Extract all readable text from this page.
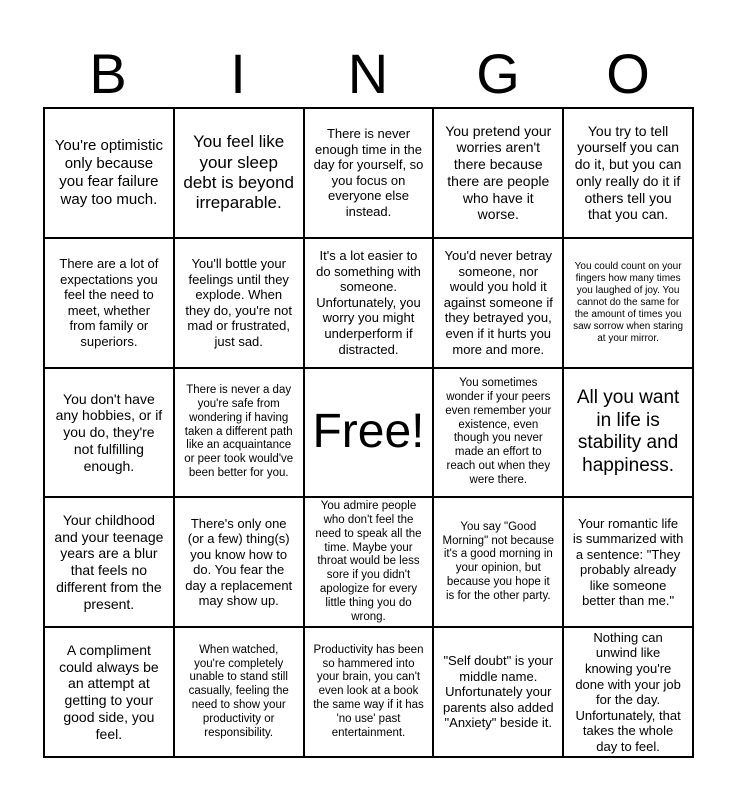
B	I	N	G	O
You're optimistic only because you fear failure way too much.
You feel like your sleep debt is beyond irreparable.
There is never enough time in the day for yourself, so you focus on everyone else instead.
You pretend your worries aren't there because there are people who have it worse.
You try to tell yourself you can do it, but you can only really do it if others tell you that you can.
There are a lot of expectations you feel the need to meet, whether from family or superiors.
You'll bottle your feelings until they explode. When they do, you're not mad or frustrated, just sad.
It's a lot easier to do something with someone. Unfortunately, you worry you might underperform if distracted.
You'd never betray someone, nor would you hold it against someone if they betrayed you, even if it hurts you more and more.
You could count on your fingers how many times you laughed of joy. You cannot do the same for the amount of times you saw sorrow when staring at your mirror.
You don't have any hobbies, or if you do, they're not fulfilling enough.
There is never a day you're safe from wondering if having taken a different path like an acquaintance or peer took would've been better for you.
Free!
You sometimes wonder if your peers even remember your existence, even though you never made an effort to reach out when they were there.
All you want in life is stability and happiness.
Your childhood and your teenage years are a blur that feels no different from the present.
There's only one (or a few) thing(s) you know how to do. You fear the day a replacement may show up.
You admire people who don't feel the need to speak all the time. Maybe your throat would be less sore if you didn't apologize for every little thing you do wrong.
You say "Good Morning" not because it's a good morning in your opinion, but because you hope it is for the other party.
Your romantic life is summarized with a sentence: "They probably already like someone better than me."
A compliment could always be an attempt at getting to your good side, you feel.
When watched, you're completely unable to stand still casually, feeling the need to show your productivity or responsibility.
Productivity has been so hammered into your brain, you can't even look at a book the same way if it has 'no use' past entertainment.
"Self doubt" is your middle name. Unfortunately your parents also added "Anxiety" beside it.
Nothing can unwind like knowing you're done with your job for the day. Unfortunately, that takes the whole day to feel.
